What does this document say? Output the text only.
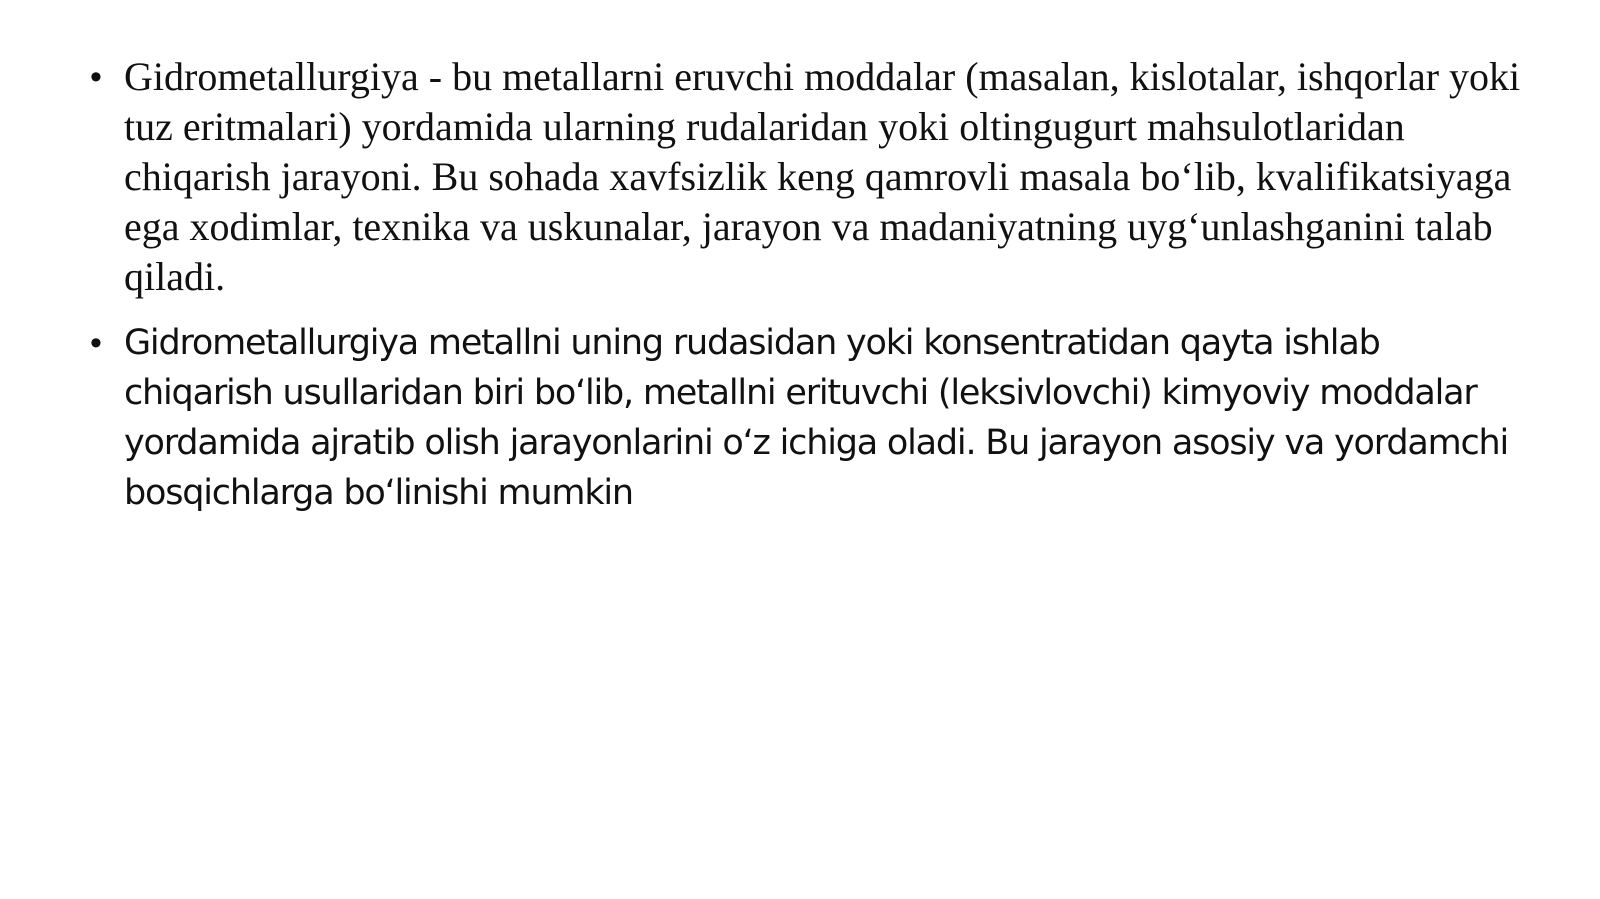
• Gidrometallurgiya - bu metallarni eruvchi moddalar (masalan, kislotalar, ishqorlar yoki tuz eritmalari) yordamida ularning rudalaridan yoki oltingugurt mahsulotlaridan chiqarish jarayoni. Bu sohada xavfsizlik keng qamrovli masala bo‘lib, kvalifikatsiyaga ega xodimlar, texnika va uskunalar, jarayon va madaniyatning uyg‘unlashganini talab qiladi.
• Gidrometallurgiya metallni uning rudasidan yoki konsentratidan qayta ishlab chiqarish usullaridan biri bo‘lib, metallni erituvchi (leksivlovchi) kimyoviy moddalar yordamida ajratib olish jarayonlarini o‘z ichiga oladi. Bu jarayon asosiy va yordamchi bosqichlarga bo‘linishi mumkin
